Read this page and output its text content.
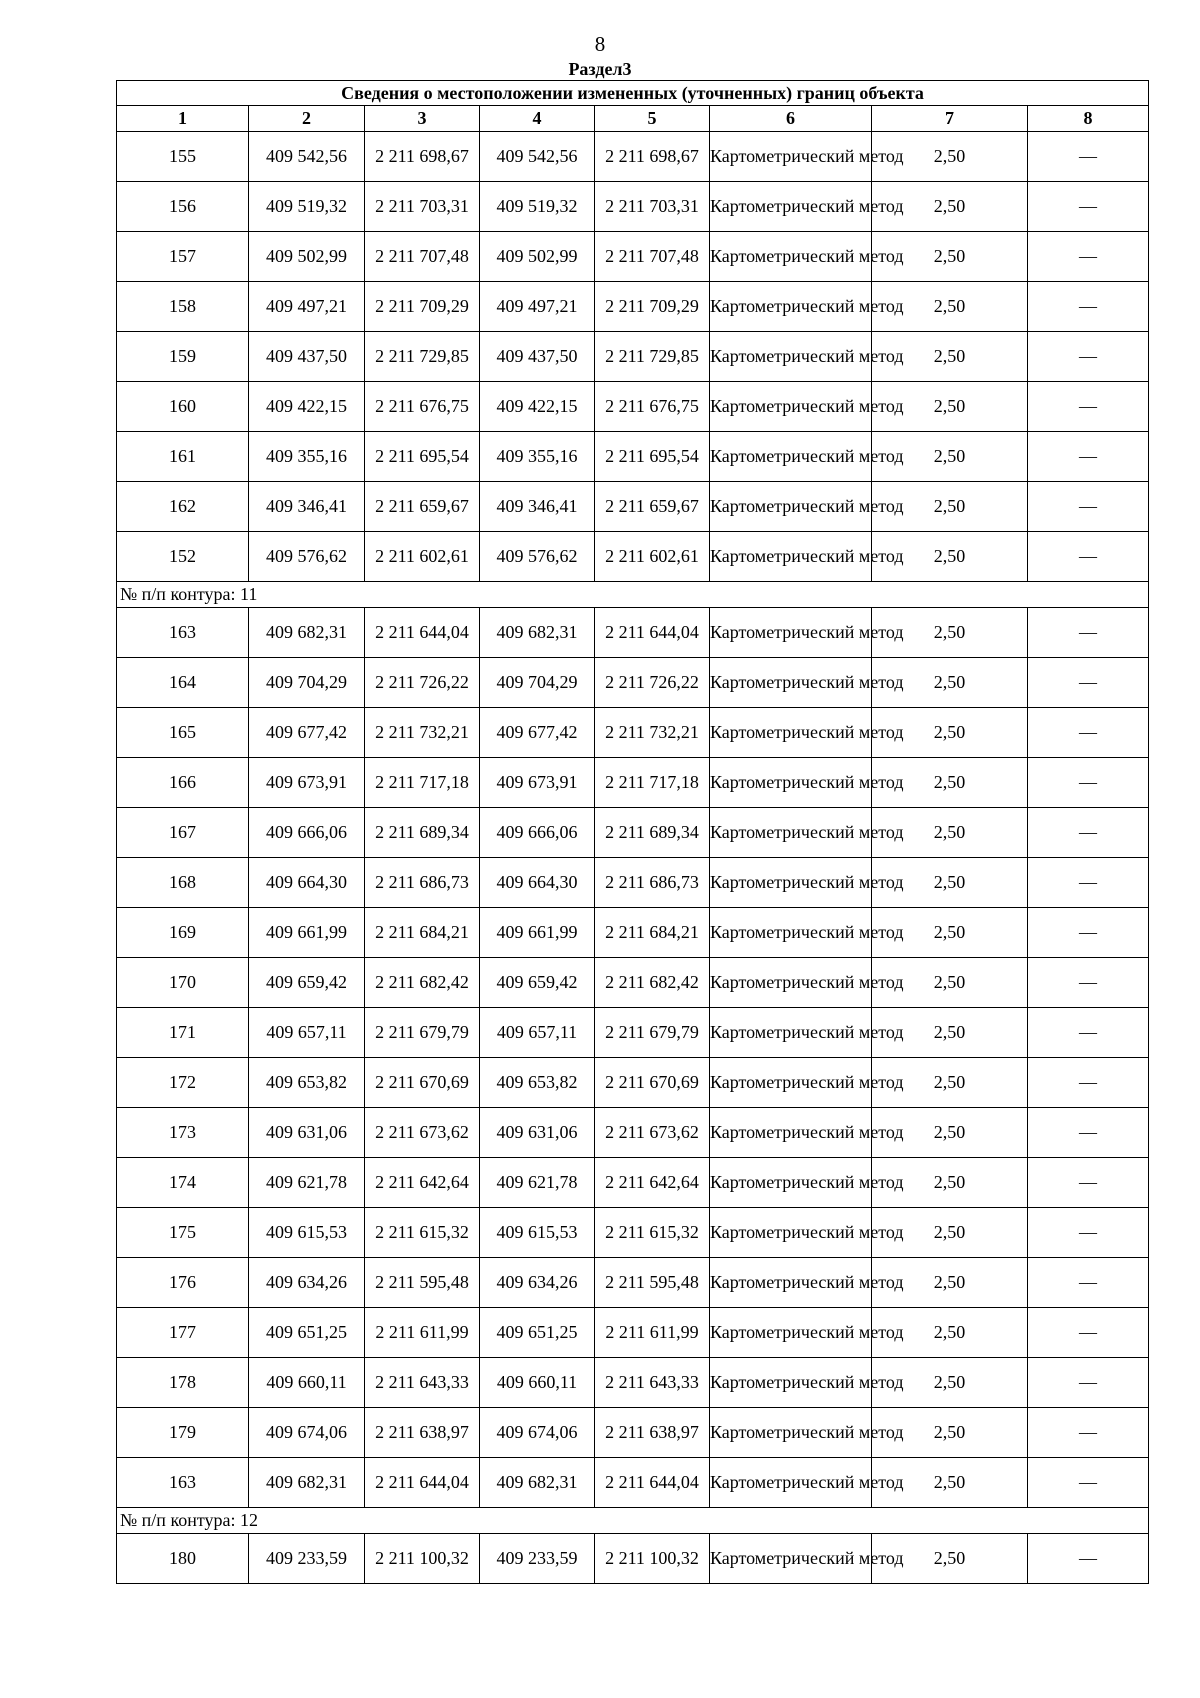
8
Раздел3
Сведения о местоположении измененных (уточненных) границ объекта							
1	2	3	4	5	6	7	8
155	409 542,56	2 211 698,67	409 542,56	2 211 698,67	Картометрический метод	2,50	—
156	409 519,32	2 211 703,31	409 519,32	2 211 703,31	Картометрический метод	2,50	—
157	409 502,99	2 211 707,48	409 502,99	2 211 707,48	Картометрический метод	2,50	—
158	409 497,21	2 211 709,29	409 497,21	2 211 709,29	Картометрический метод	2,50	—
159	409 437,50	2 211 729,85	409 437,50	2 211 729,85	Картометрический метод	2,50	—
160	409 422,15	2 211 676,75	409 422,15	2 211 676,75	Картометрический метод	2,50	—
161	409 355,16	2 211 695,54	409 355,16	2 211 695,54	Картометрический метод	2,50	—
162	409 346,41	2 211 659,67	409 346,41	2 211 659,67	Картометрический метод	2,50	—
152	409 576,62	2 211 602,61	409 576,62	2 211 602,61	Картометрический метод	2,50	—
№ п/п контура: 11							
163	409 682,31	2 211 644,04	409 682,31	2 211 644,04	Картометрический метод	2,50	—
164	409 704,29	2 211 726,22	409 704,29	2 211 726,22	Картометрический метод	2,50	—
165	409 677,42	2 211 732,21	409 677,42	2 211 732,21	Картометрический метод	2,50	—
166	409 673,91	2 211 717,18	409 673,91	2 211 717,18	Картометрический метод	2,50	—
167	409 666,06	2 211 689,34	409 666,06	2 211 689,34	Картометрический метод	2,50	—
168	409 664,30	2 211 686,73	409 664,30	2 211 686,73	Картометрический метод	2,50	—
169	409 661,99	2 211 684,21	409 661,99	2 211 684,21	Картометрический метод	2,50	—
170	409 659,42	2 211 682,42	409 659,42	2 211 682,42	Картометрический метод	2,50	—
171	409 657,11	2 211 679,79	409 657,11	2 211 679,79	Картометрический метод	2,50	—
172	409 653,82	2 211 670,69	409 653,82	2 211 670,69	Картометрический метод	2,50	—
173	409 631,06	2 211 673,62	409 631,06	2 211 673,62	Картометрический метод	2,50	—
174	409 621,78	2 211 642,64	409 621,78	2 211 642,64	Картометрический метод	2,50	—
175	409 615,53	2 211 615,32	409 615,53	2 211 615,32	Картометрический метод	2,50	—
176	409 634,26	2 211 595,48	409 634,26	2 211 595,48	Картометрический метод	2,50	—
177	409 651,25	2 211 611,99	409 651,25	2 211 611,99	Картометрический метод	2,50	—
178	409 660,11	2 211 643,33	409 660,11	2 211 643,33	Картометрический метод	2,50	—
179	409 674,06	2 211 638,97	409 674,06	2 211 638,97	Картометрический метод	2,50	—
163	409 682,31	2 211 644,04	409 682,31	2 211 644,04	Картометрический метод	2,50	—
№ п/п контура: 12							
180	409 233,59	2 211 100,32	409 233,59	2 211 100,32	Картометрический метод	2,50	—
